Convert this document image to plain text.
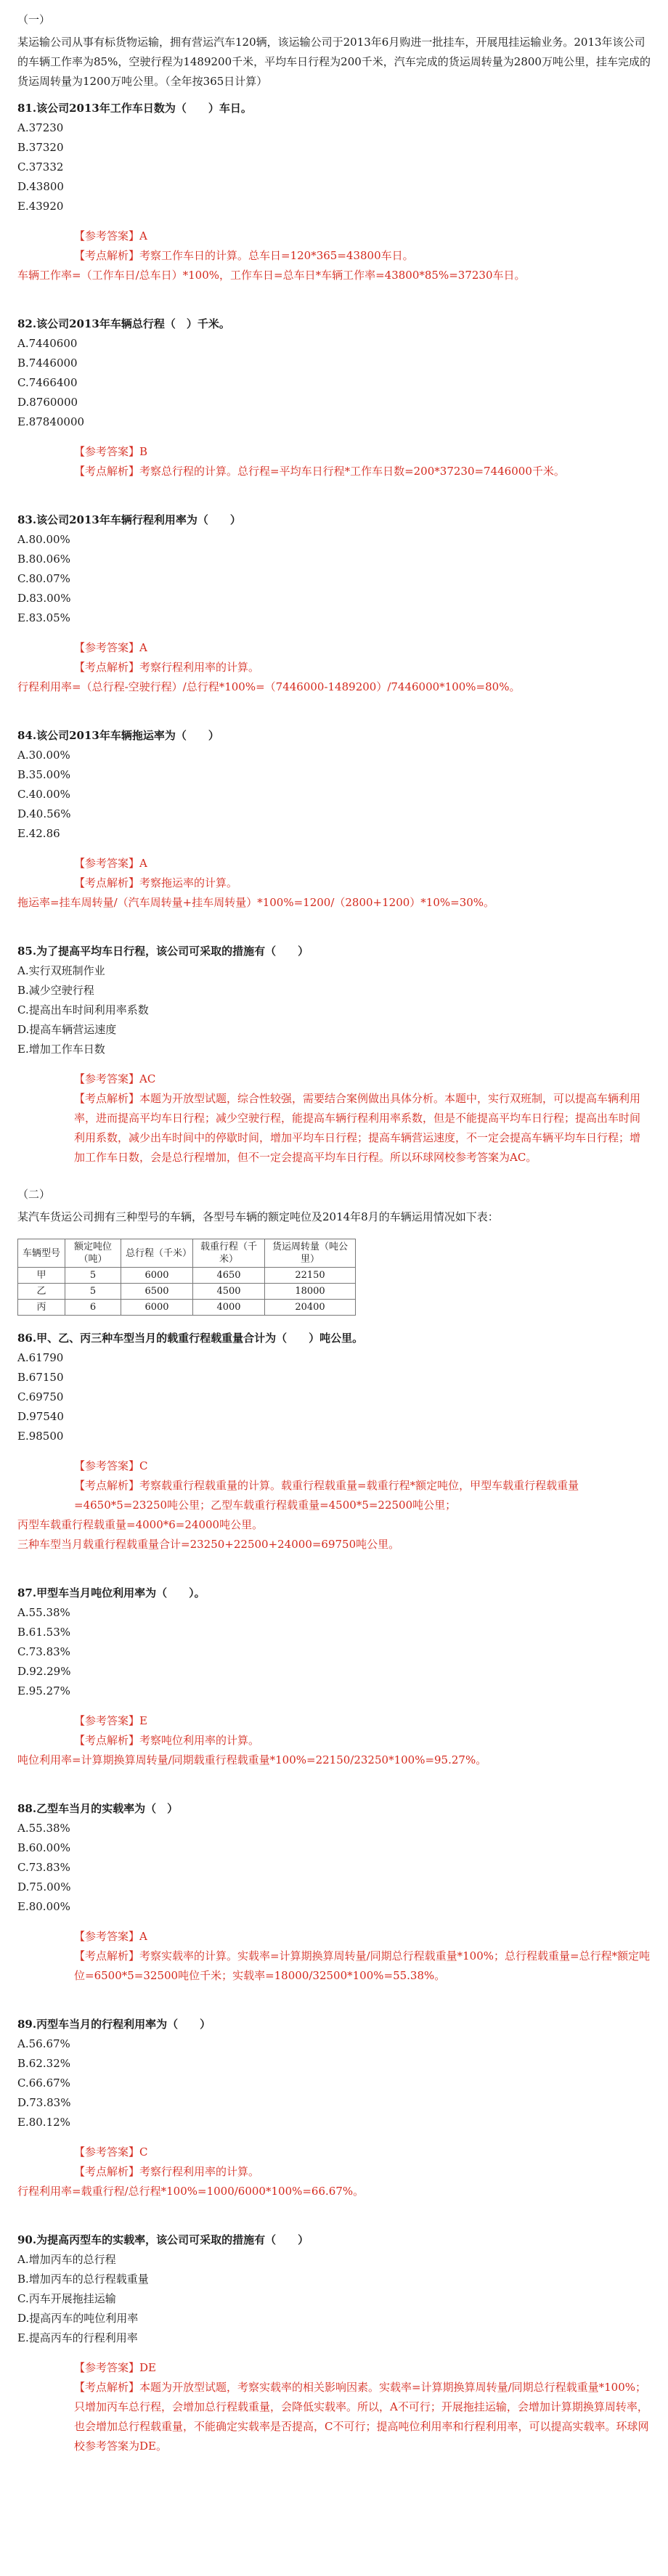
（一）
某运输公司从事有标货物运输，拥有营运汽车120辆，该运输公司于2013年6月购进一批挂车，开展甩挂运输业务。2013年该公司的车辆工作率为85%，空驶行程为1489200千米，平均车日行程为200千米，汽车完成的货运周转量为2800万吨公里，挂车完成的货运周转量为1200万吨公里。（全年按365日计算）

81.该公司2013年工作车日数为（　　）车日。

A.37230

B.37320

C.37332

D.43800

E.43920

【参考答案】A

【考点解析】考察工作车日的计算。总车日=120*365=43800车日。

车辆工作率=（工作车日/总车日）*100%，工作车日=总车日*车辆工作率=43800*85%=37230车日。

82.该公司2013年车辆总行程（　）千米。

A.7440600

B.7446000

C.7466400

D.8760000

E.87840000

【参考答案】B

【考点解析】考察总行程的计算。总行程=平均车日行程*工作车日数=200*37230=7446000千米。

83.该公司2013年车辆行程利用率为（　　）

A.80.00%

B.80.06%

C.80.07%

D.83.00%

E.83.05%

【参考答案】A

【考点解析】考察行程利用率的计算。

行程利用率=（总行程-空驶行程）/总行程*100%=（7446000-1489200）/7446000*100%=80%。

84.该公司2013年车辆拖运率为（　　）

A.30.00%

B.35.00%

C.40.00%

D.40.56%

E.42.86

【参考答案】A

【考点解析】考察拖运率的计算。

拖运率=挂车周转量/（汽车周转量+挂车周转量）*100%=1200/（2800+1200）*10%=30%。

85.为了提高平均车日行程，该公司可采取的措施有（　　）

A.实行双班制作业

B.减少空驶行程

C.提高出车时间利用率系数

D.提高车辆营运速度

E.增加工作车日数

【参考答案】AC

【考点解析】本题为开放型试题，综合性较强，需要结合案例做出具体分析。本题中，实行双班制，可以提高车辆利用率，进而提高平均车日行程；减少空驶行程，能提高车辆行程利用率系数，但是不能提高平均车日行程；提高出车时间利用系数，减少出车时间中的停歇时间，增加平均车日行程；提高车辆营运速度，不一定会提高车辆平均车日行程；增加工作车日数，会是总行程增加，但不一定会提高平均车日行程。所以环球网校参考答案为AC。

（二）
某汽车货运公司拥有三种型号的车辆，各型号车辆的额定吨位及2014年8月的车辆运用情况如下表：
车辆型号	额定吨位（吨）	总行程（千米）	载重行程（千米）	货运周转量（吨公里）
甲	5	6000	4650	22150
乙	5	6500	4500	18000
丙	6	6000	4000	20400

86.甲、乙、丙三种车型当月的载重行程载重量合计为（　　）吨公里。

A.61790

B.67150

C.69750

D.97540

E.98500

【参考答案】C

【考点解析】考察载重行程载重量的计算。载重行程载重量=载重行程*额定吨位，甲型车载重行程载重量=4650*5=23250吨公里；乙型车载重行程载重量=4500*5=22500吨公里；

丙型车载重行程载重量=4000*6=24000吨公里。

三种车型当月载重行程载重量合计=23250+22500+24000=69750吨公里。

87.甲型车当月吨位利用率为（　　）。

A.55.38%

B.61.53%

C.73.83%

D.92.29%

E.95.27%

【参考答案】E

【考点解析】考察吨位利用率的计算。

吨位利用率=计算期换算周转量/同期载重行程载重量*100%=22150/23250*100%=95.27%。

88.乙型车当月的实载率为（　）

A.55.38%

B.60.00%

C.73.83%

D.75.00%

E.80.00%

【参考答案】A

【考点解析】考察实载率的计算。实载率=计算期换算周转量/同期总行程载重量*100%；总行程载重量=总行程*额定吨位=6500*5=32500吨位千米；实载率=18000/32500*100%=55.38%。

89.丙型车当月的行程利用率为（　　）

A.56.67%

B.62.32%

C.66.67%

D.73.83%

E.80.12%

【参考答案】C

【考点解析】考察行程利用率的计算。

行程利用率=载重行程/总行程*100%=1000/6000*100%=66.67%。

90.为提高丙型车的实载率，该公司可采取的措施有（　　）

A.增加丙车的总行程

B.增加丙车的总行程载重量

C.丙车开展拖挂运输

D.提高丙车的吨位利用率

E.提高丙车的行程利用率

【参考答案】DE

【考点解析】本题为开放型试题，考察实载率的相关影响因素。实载率=计算期换算周转量/同期总行程载重量*100%；只增加丙车总行程，会增加总行程载重量，会降低实载率。所以，A不可行；开展拖挂运输，会增加计算期换算周转率，也会增加总行程载重量，不能确定实载率是否提高，C不可行；提高吨位利用率和行程利用率，可以提高实载率。环球网校参考答案为DE。
